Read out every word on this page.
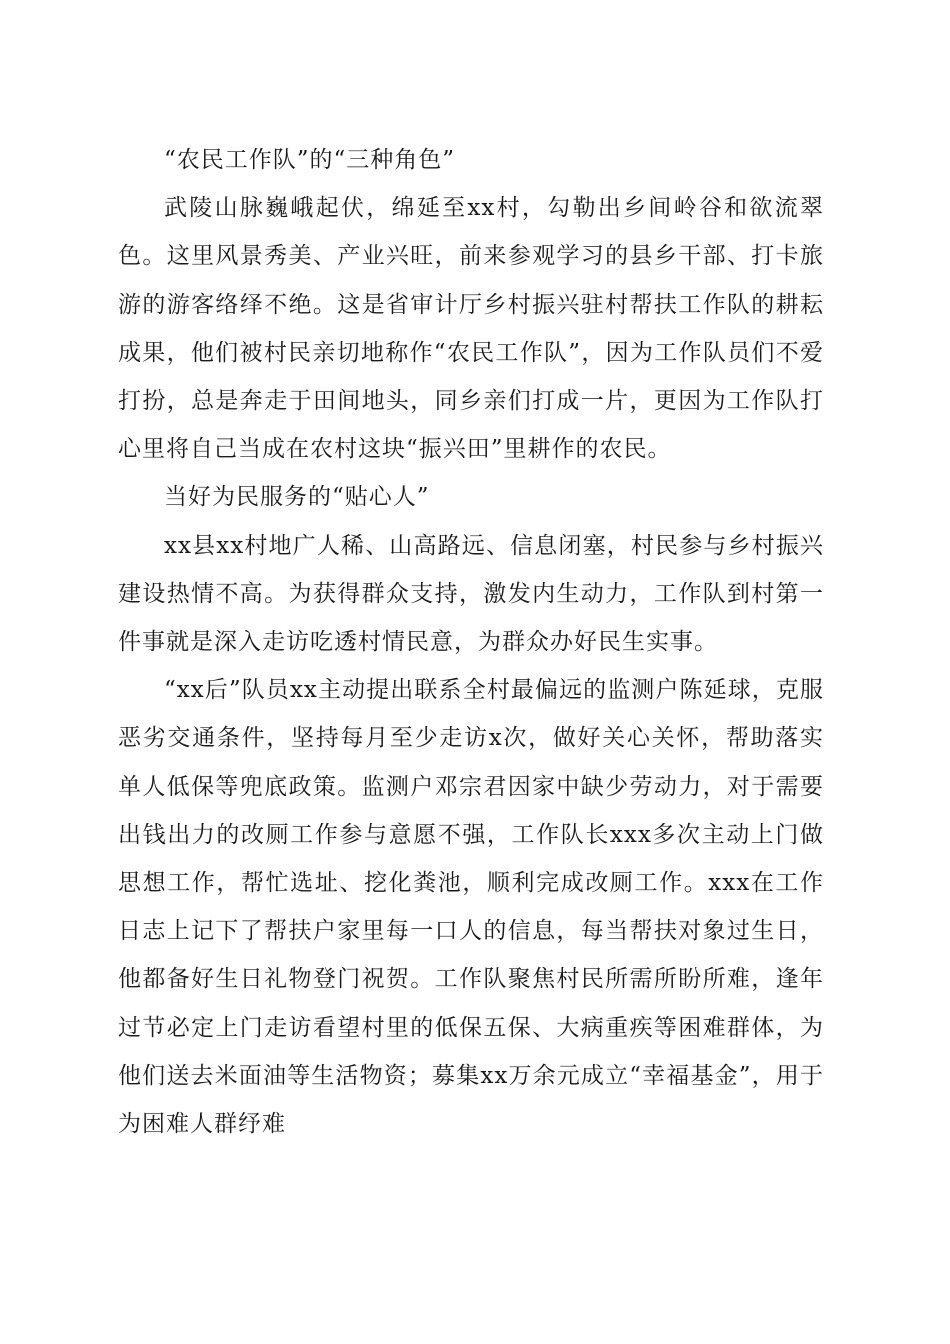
“农民工作队”的“三种角色”

武陵山脉巍峨起伏，绵延至xx村，勾勒出乡间岭谷和欲流翠色。这里风景秀美、产业兴旺，前来参观学习的县乡干部、打卡旅游的游客络绎不绝。这是省审计厅乡村振兴驻村帮扶工作队的耕耘成果，他们被村民亲切地称作“农民工作队”，因为工作队员们不爱打扮，总是奔走于田间地头，同乡亲们打成一片，更因为工作队打心里将自己当成在农村这块“振兴田”里耕作的农民。

当好为民服务的“贴心人”

xx县xx村地广人稀、山高路远、信息闭塞，村民参与乡村振兴建设热情不高。为获得群众支持，激发内生动力，工作队到村第一件事就是深入走访吃透村情民意，为群众办好民生实事。

“xx后”队员xx主动提出联系全村最偏远的监测户陈延球，克服恶劣交通条件，坚持每月至少走访x次，做好关心关怀，帮助落实单人低保等兜底政策。监测户邓宗君因家中缺少劳动力，对于需要出钱出力的改厕工作参与意愿不强，工作队长xxx多次主动上门做思想工作，帮忙选址、挖化粪池，顺利完成改厕工作。xxx在工作日志上记下了帮扶户家里每一口人的信息，每当帮扶对象过生日，他都备好生日礼物登门祝贺。工作队聚焦村民所需所盼所难，逢年过节必定上门走访看望村里的低保五保、大病重疾等困难群体，为他们送去米面油等生活物资；募集xx万余元成立“幸福基金”，用于为困难人群纾难
